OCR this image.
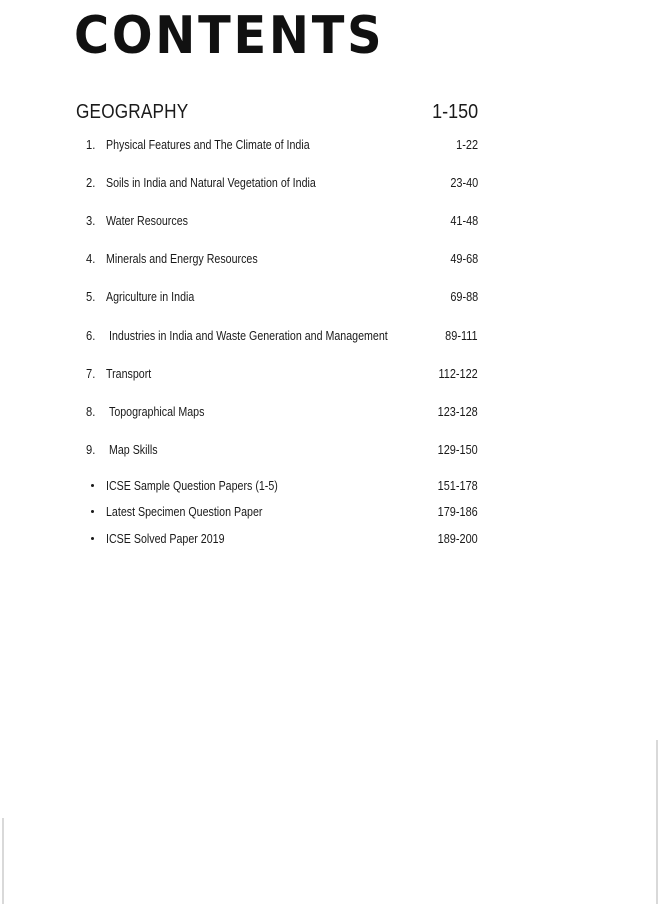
CONTENTS
GEOGRAPHY	1-150
1. Physical Features and The Climate of India	1-22
2. Soils in India and Natural Vegetation of India	23-40
3. Water Resources	41-48
4. Minerals and Energy Resources	49-68
5. Agriculture in India	69-88
6.	Industries in India and Waste Generation and Management	89-111
7. Transport	112-122
8.	Topographical Maps	123-128
9.	Map Skills	129-150
ICSE Sample Question Papers (1-5)	151-178
Latest Specimen Question Paper	179-186
ICSE Solved Paper 2019	189-200
